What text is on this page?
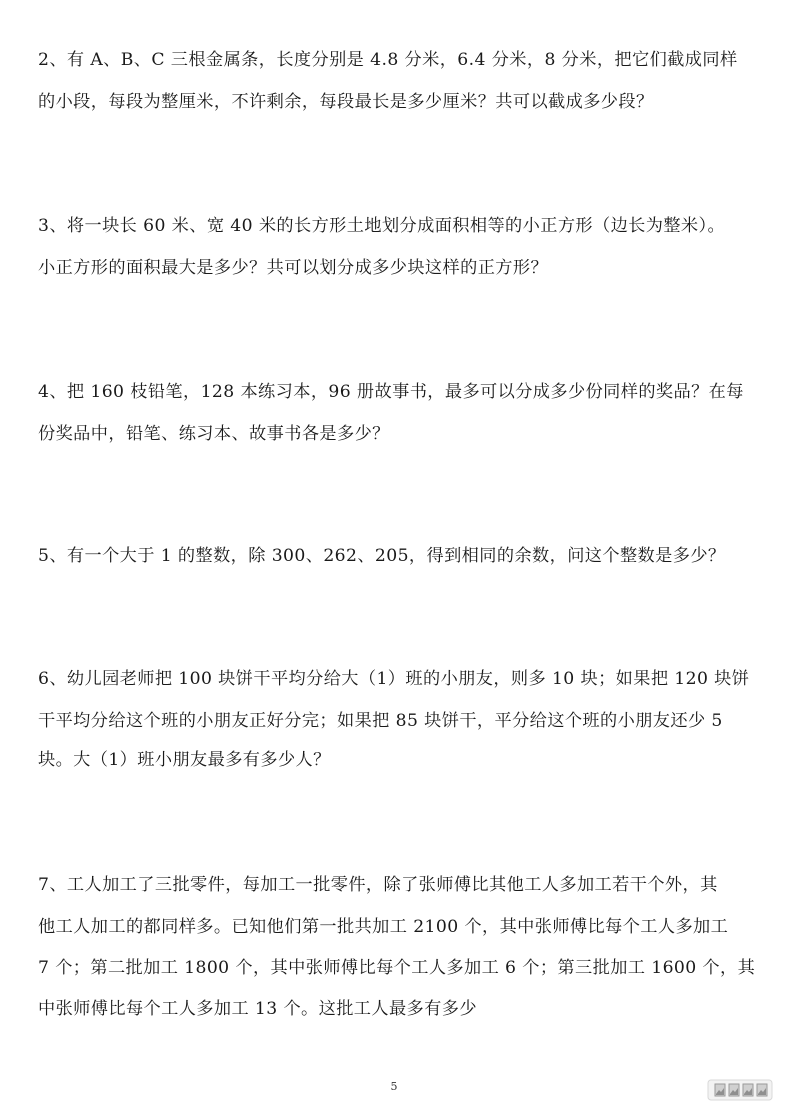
2、有 A、B、C 三根金属条，长度分别是 4.8 分米，6.4 分米，8 分米，把它们截成同样
的小段，每段为整厘米，不许剩余，每段最长是多少厘米？共可以截成多少段？
3、将一块长 60 米、宽 40 米的长方形土地划分成面积相等的小正方形（边长为整米）。
小正方形的面积最大是多少？共可以划分成多少块这样的正方形？
4、把 160 枝铅笔，128 本练习本，96 册故事书，最多可以分成多少份同样的奖品？在每
份奖品中，铅笔、练习本、故事书各是多少？
5、有一个大于 1 的整数，除 300、262、205，得到相同的余数，问这个整数是多少？
6、幼儿园老师把 100 块饼干平均分给大（1）班的小朋友，则多 10 块；如果把 120 块饼
干平均分给这个班的小朋友正好分完；如果把 85 块饼干，平分给这个班的小朋友还少 5
块。大（1）班小朋友最多有多少人？
7、工人加工了三批零件，每加工一批零件，除了张师傅比其他工人多加工若干个外，其
他工人加工的都同样多。已知他们第一批共加工 2100 个，其中张师傅比每个工人多加工
7 个；第二批加工 1800 个，其中张师傅比每个工人多加工 6 个；第三批加工 1600 个，其
中张师傅比每个工人多加工 13 个。这批工人最多有多少
5
